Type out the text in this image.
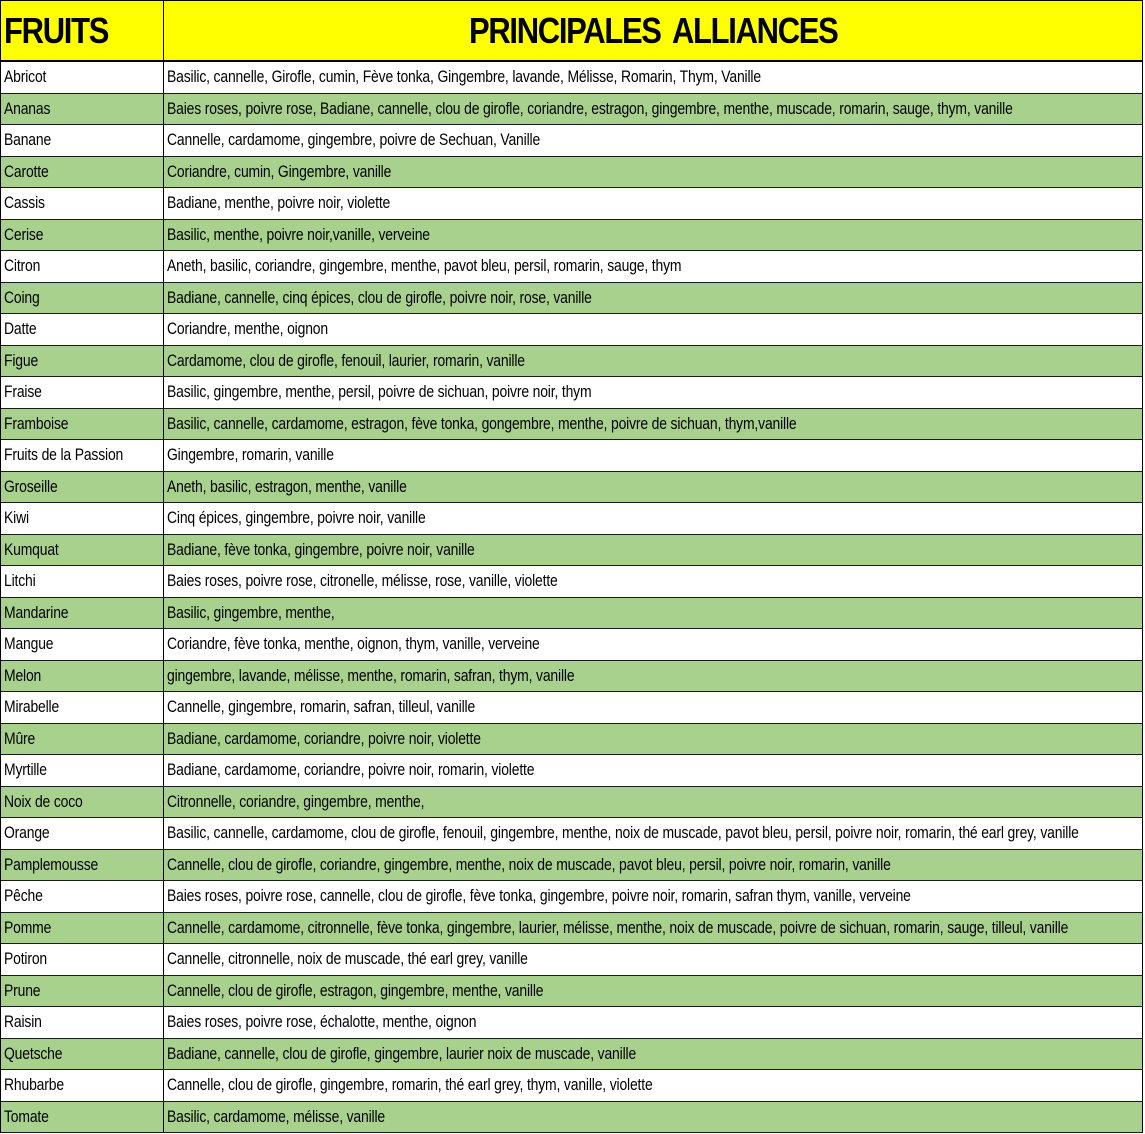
FRUITS	PRINCIPALES ALLIANCES
Abricot	Basilic, cannelle, Girofle, cumin, Fève tonka, Gingembre, lavande, Mélisse, Romarin, Thym, Vanille
Ananas	Baies roses, poivre rose, Badiane, cannelle, clou de girofle, coriandre, estragon, gingembre, menthe, muscade, romarin, sauge, thym, vanille
Banane	Cannelle, cardamome, gingembre, poivre de Sechuan, Vanille
Carotte	Coriandre, cumin, Gingembre, vanille
Cassis	Badiane, menthe, poivre noir, violette
Cerise	Basilic, menthe, poivre noir,vanille, verveine
Citron	Aneth, basilic, coriandre, gingembre, menthe, pavot bleu, persil, romarin, sauge, thym
Coing	Badiane, cannelle, cinq épices, clou de girofle, poivre noir, rose, vanille
Datte	Coriandre, menthe, oignon
Figue	Cardamome, clou de girofle, fenouil, laurier, romarin, vanille
Fraise	Basilic, gingembre, menthe, persil, poivre de sichuan, poivre noir, thym
Framboise	Basilic, cannelle, cardamome, estragon, fève tonka, gongembre, menthe, poivre de sichuan, thym,vanille
Fruits de la Passion	Gingembre, romarin, vanille
Groseille	Aneth, basilic, estragon, menthe, vanille
Kiwi	Cinq épices, gingembre, poivre noir, vanille
Kumquat	Badiane, fève tonka, gingembre, poivre noir, vanille
Litchi	Baies roses, poivre rose, citronelle, mélisse, rose, vanille, violette
Mandarine	Basilic, gingembre, menthe,
Mangue	Coriandre, fève tonka, menthe, oignon, thym, vanille, verveine
Melon	gingembre, lavande, mélisse, menthe, romarin, safran, thym, vanille
Mirabelle	Cannelle, gingembre, romarin, safran, tilleul, vanille
Mûre	Badiane, cardamome, coriandre, poivre noir, violette
Myrtille	Badiane, cardamome, coriandre, poivre noir, romarin, violette
Noix de coco	Citronnelle, coriandre, gingembre, menthe,
Orange	Basilic, cannelle, cardamome, clou de girofle, fenouil, gingembre, menthe, noix de muscade, pavot bleu, persil, poivre noir, romarin, thé earl grey, vanille
Pamplemousse	Cannelle, clou de girofle, coriandre, gingembre, menthe, noix de muscade, pavot bleu, persil, poivre noir, romarin, vanille
Pêche	Baies roses, poivre rose, cannelle, clou de girofle, fève tonka, gingembre, poivre noir, romarin, safran thym, vanille, verveine
Pomme	Cannelle, cardamome, citronnelle, fève tonka, gingembre, laurier, mélisse, menthe, noix de muscade, poivre de sichuan, romarin, sauge, tilleul, vanille
Potiron	Cannelle, citronnelle, noix de muscade, thé earl grey, vanille
Prune	Cannelle, clou de girofle, estragon, gingembre, menthe, vanille
Raisin	Baies roses, poivre rose, échalotte, menthe, oignon
Quetsche	Badiane, cannelle, clou de girofle, gingembre, laurier noix de muscade, vanille
Rhubarbe	Cannelle, clou de girofle, gingembre, romarin, thé earl grey, thym, vanille, violette
Tomate	Basilic, cardamome, mélisse, vanille
